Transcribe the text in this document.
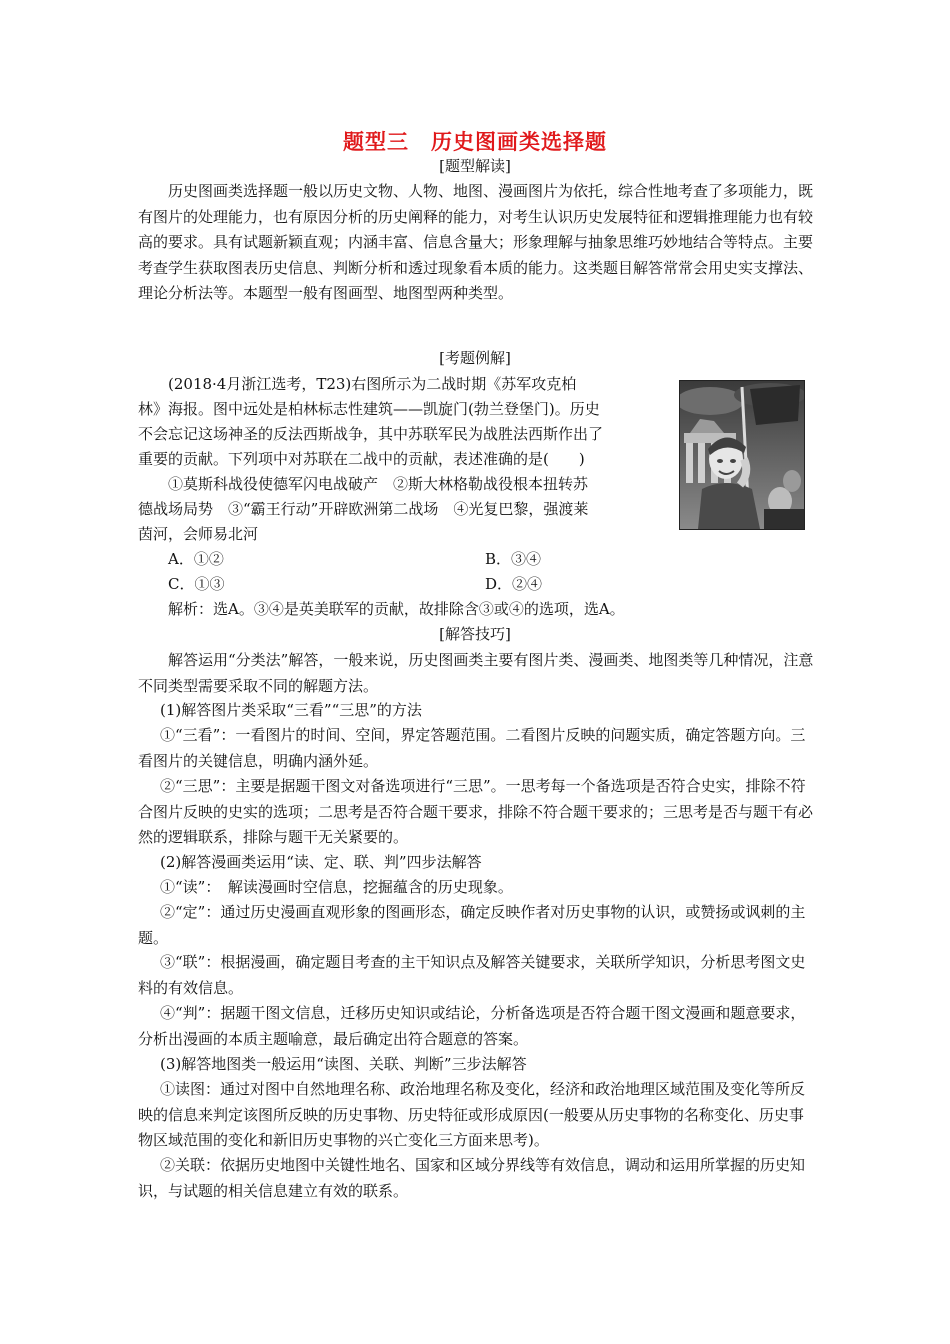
题型三 历史图画类选择题
[题型解读]
历史图画类选择题一般以历史文物、人物、地图、漫画图片为依托，综合性地考查了多项能力，既有图片的处理能力，也有原因分析的历史阐释的能力，对考生认识历史发展特征和逻辑推理能力也有较高的要求。具有试题新颖直观；内涵丰富、信息含量大；形象理解与抽象思维巧妙地结合等特点。主要考查学生获取图表历史信息、判断分析和透过现象看本质的能力。这类题目解答常常会用史实支撑法、理论分析法等。本题型一般有图画型、地图型两种类型。
[考题例解]
(2018·4月浙江选考，T23)右图所示为二战时期《苏军攻克柏
林》海报。图中远处是柏林标志性建筑——凯旋门(勃兰登堡门)。历史
不会忘记这场神圣的反法西斯战争，其中苏联军民为战胜法西斯作出了
重要的贡献。下列项中对苏联在二战中的贡献，表述准确的是(　　)
①莫斯科战役使德军闪电战破产　②斯大林格勒战役根本扭转苏
德战场局势　③“霸王行动”开辟欧洲第二战场　④光复巴黎，强渡莱
茵河，会师易北河
A．①②	B．③④
C．①③	D．②④
解析：选A。③④是英美联军的贡献，故排除含③或④的选项，选A。
[解答技巧]
解答运用“分类法”解答，一般来说，历史图画类主要有图片类、漫画类、地图类等几种情况，注意不同类型需要采取不同的解题方法。
(1)解答图片类采取“三看”“三思”的方法
①“三看”：一看图片的时间、空间，界定答题范围。二看图片反映的问题实质，确定答题方向。三看图片的关键信息，明确内涵外延。
②“三思”：主要是据题干图文对备选项进行“三思”。一思考每一个备选项是否符合史实，排除不符合图片反映的史实的选项；二思考是否符合题干要求，排除不符合题干要求的；三思考是否与题干有必然的逻辑联系，排除与题干无关紧要的。
(2)解答漫画类运用“读、定、联、判”四步法解答
①“读”：　解读漫画时空信息，挖掘蕴含的历史现象。
②“定”：通过历史漫画直观形象的图画形态，确定反映作者对历史事物的认识，或赞扬或讽刺的主题。
③“联”：根据漫画，确定题目考查的主干知识点及解答关键要求，关联所学知识，分析思考图文史料的有效信息。
④“判”：据题干图文信息，迁移历史知识或结论，分析备选项是否符合题干图文漫画和题意要求，分析出漫画的本质主题喻意，最后确定出符合题意的答案。
(3)解答地图类一般运用“读图、关联、判断”三步法解答
①读图：通过对图中自然地理名称、政治地理名称及变化，经济和政治地理区域范围及变化等所反映的信息来判定该图所反映的历史事物、历史特征或形成原因(一般要从历史事物的名称变化、历史事物区域范围的变化和新旧历史事物的兴亡变化三方面来思考)。
②关联：依据历史地图中关键性地名、国家和区域分界线等有效信息，调动和运用所掌握的历史知识，与试题的相关信息建立有效的联系。
